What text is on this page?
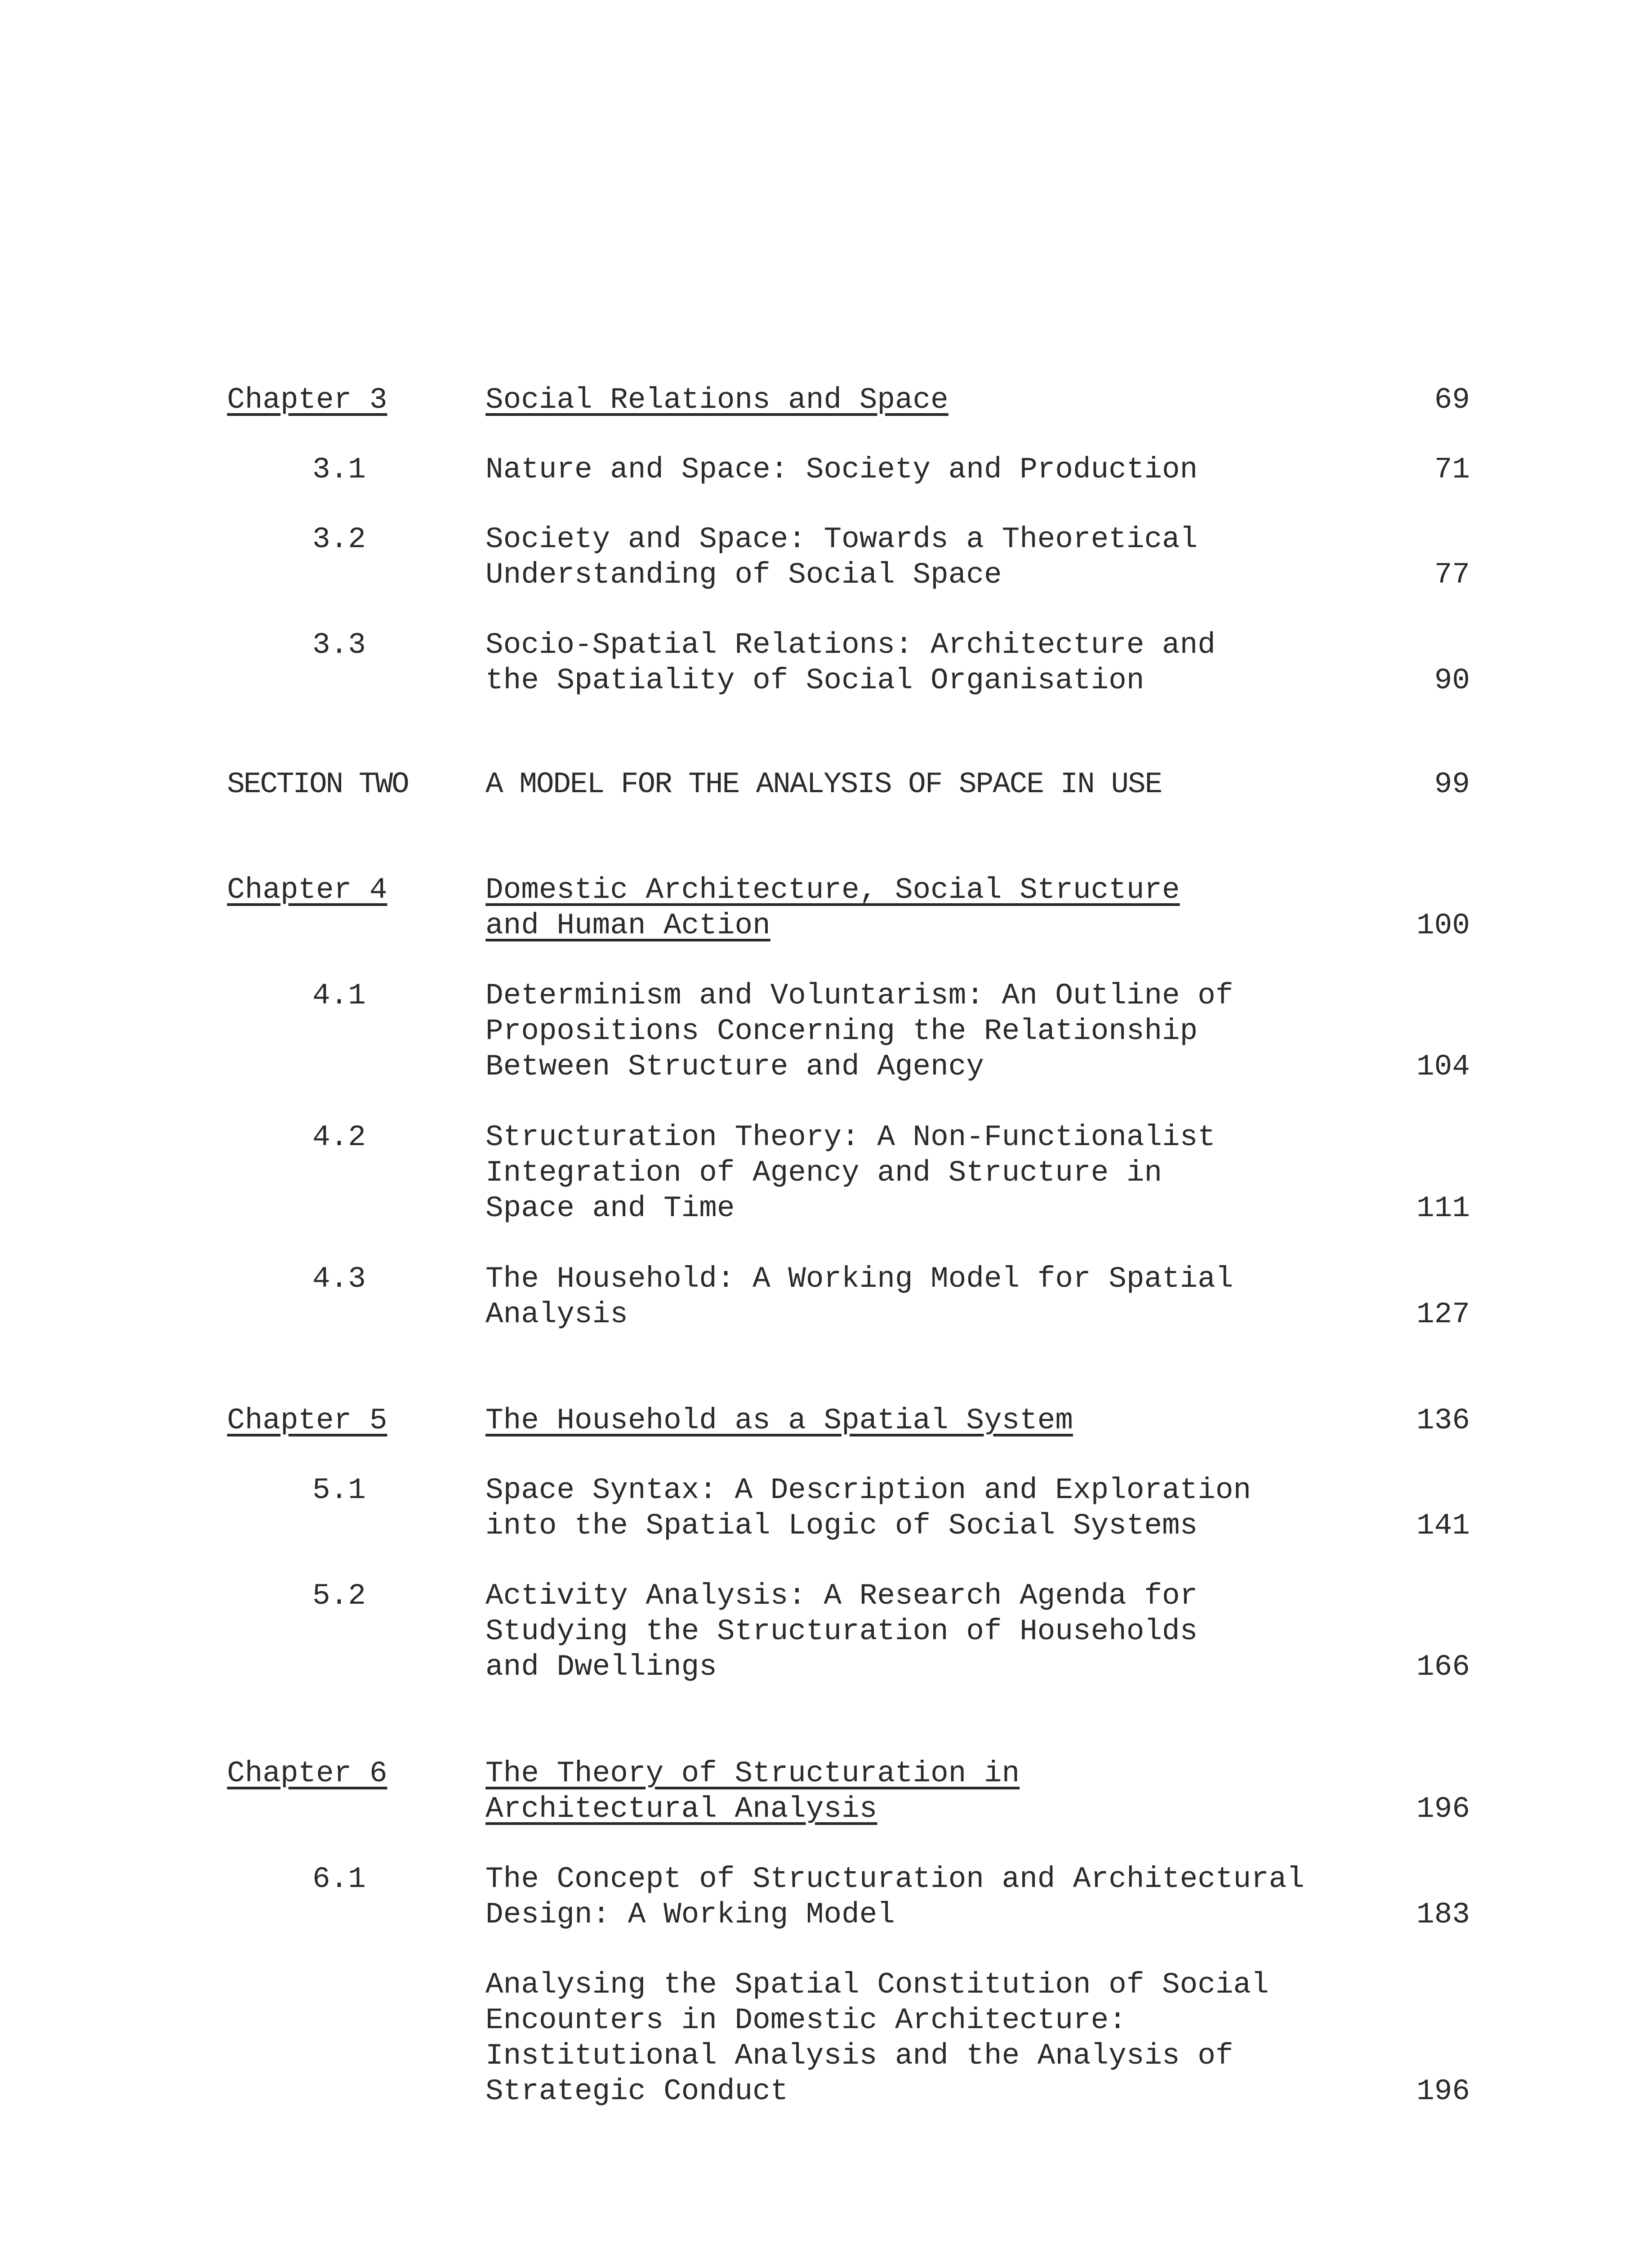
Chapter 3	Social Relations and Space	69
3.1	Nature and Space: Society and Production	71
3.2	Society and Space: Towards a Theoretical
Understanding of Social Space	77
3.3	Socio-Spatial Relations: Architecture and
the Spatiality of Social Organisation	90
SECTION TWO	A MODEL FOR THE ANALYSIS OF SPACE IN USE	99
Chapter 4	Domestic Architecture, Social Structure
and Human Action	100
4.1	Determinism and Voluntarism: An Outline of
Propositions Concerning the Relationship
Between Structure and Agency	104
4.2	Structuration Theory: A Non-Functionalist
Integration of Agency and Structure in
Space and Time	111
4.3	The Household: A Working Model for Spatial
Analysis	127
Chapter 5	The Household as a Spatial System	136
5.1	Space Syntax: A Description and Exploration
into the Spatial Logic of Social Systems	141
5.2	Activity Analysis: A Research Agenda for
Studying the Structuration of Households
and Dwellings	166
Chapter 6	The Theory of Structuration in
Architectural Analysis	196
6.1	The Concept of Structuration and Architectural
Design: A Working Model	183
Analysing the Spatial Constitution of Social
Encounters in Domestic Architecture:
Institutional Analysis and the Analysis of
Strategic Conduct	196
